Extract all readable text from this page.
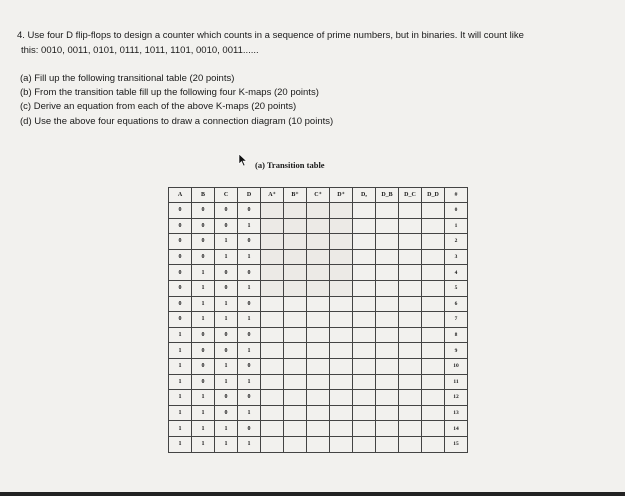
4. Use four D flip-flops to design a counter which counts in a sequence of prime numbers, but in binaries. It will count like
this: 0010, 0011, 0101, 0111, 1011, 1101, 0010, 0011......
(a) Fill up the following transitional table (20 points)
(b) From the transition table fill up the following four K-maps (20 points)
(c) Derive an equation from each of the above K-maps (20 points)
(d) Use the above four equations to draw a connection diagram (10 points)
(a) Transition table
A	B	C	D	A⁺	B⁺	C⁺	D⁺	Dₐ	D_B	D_C	D_D	#
0	0	0	0									0
0	0	0	1									1
0	0	1	0									2
0	0	1	1									3
0	1	0	0									4
0	1	0	1									5
0	1	1	0									6
0	1	1	1									7
1	0	0	0									8
1	0	0	1									9
1	0	1	0									10
1	0	1	1									11
1	1	0	0									12
1	1	0	1									13
1	1	1	0									14
1	1	1	1									15
